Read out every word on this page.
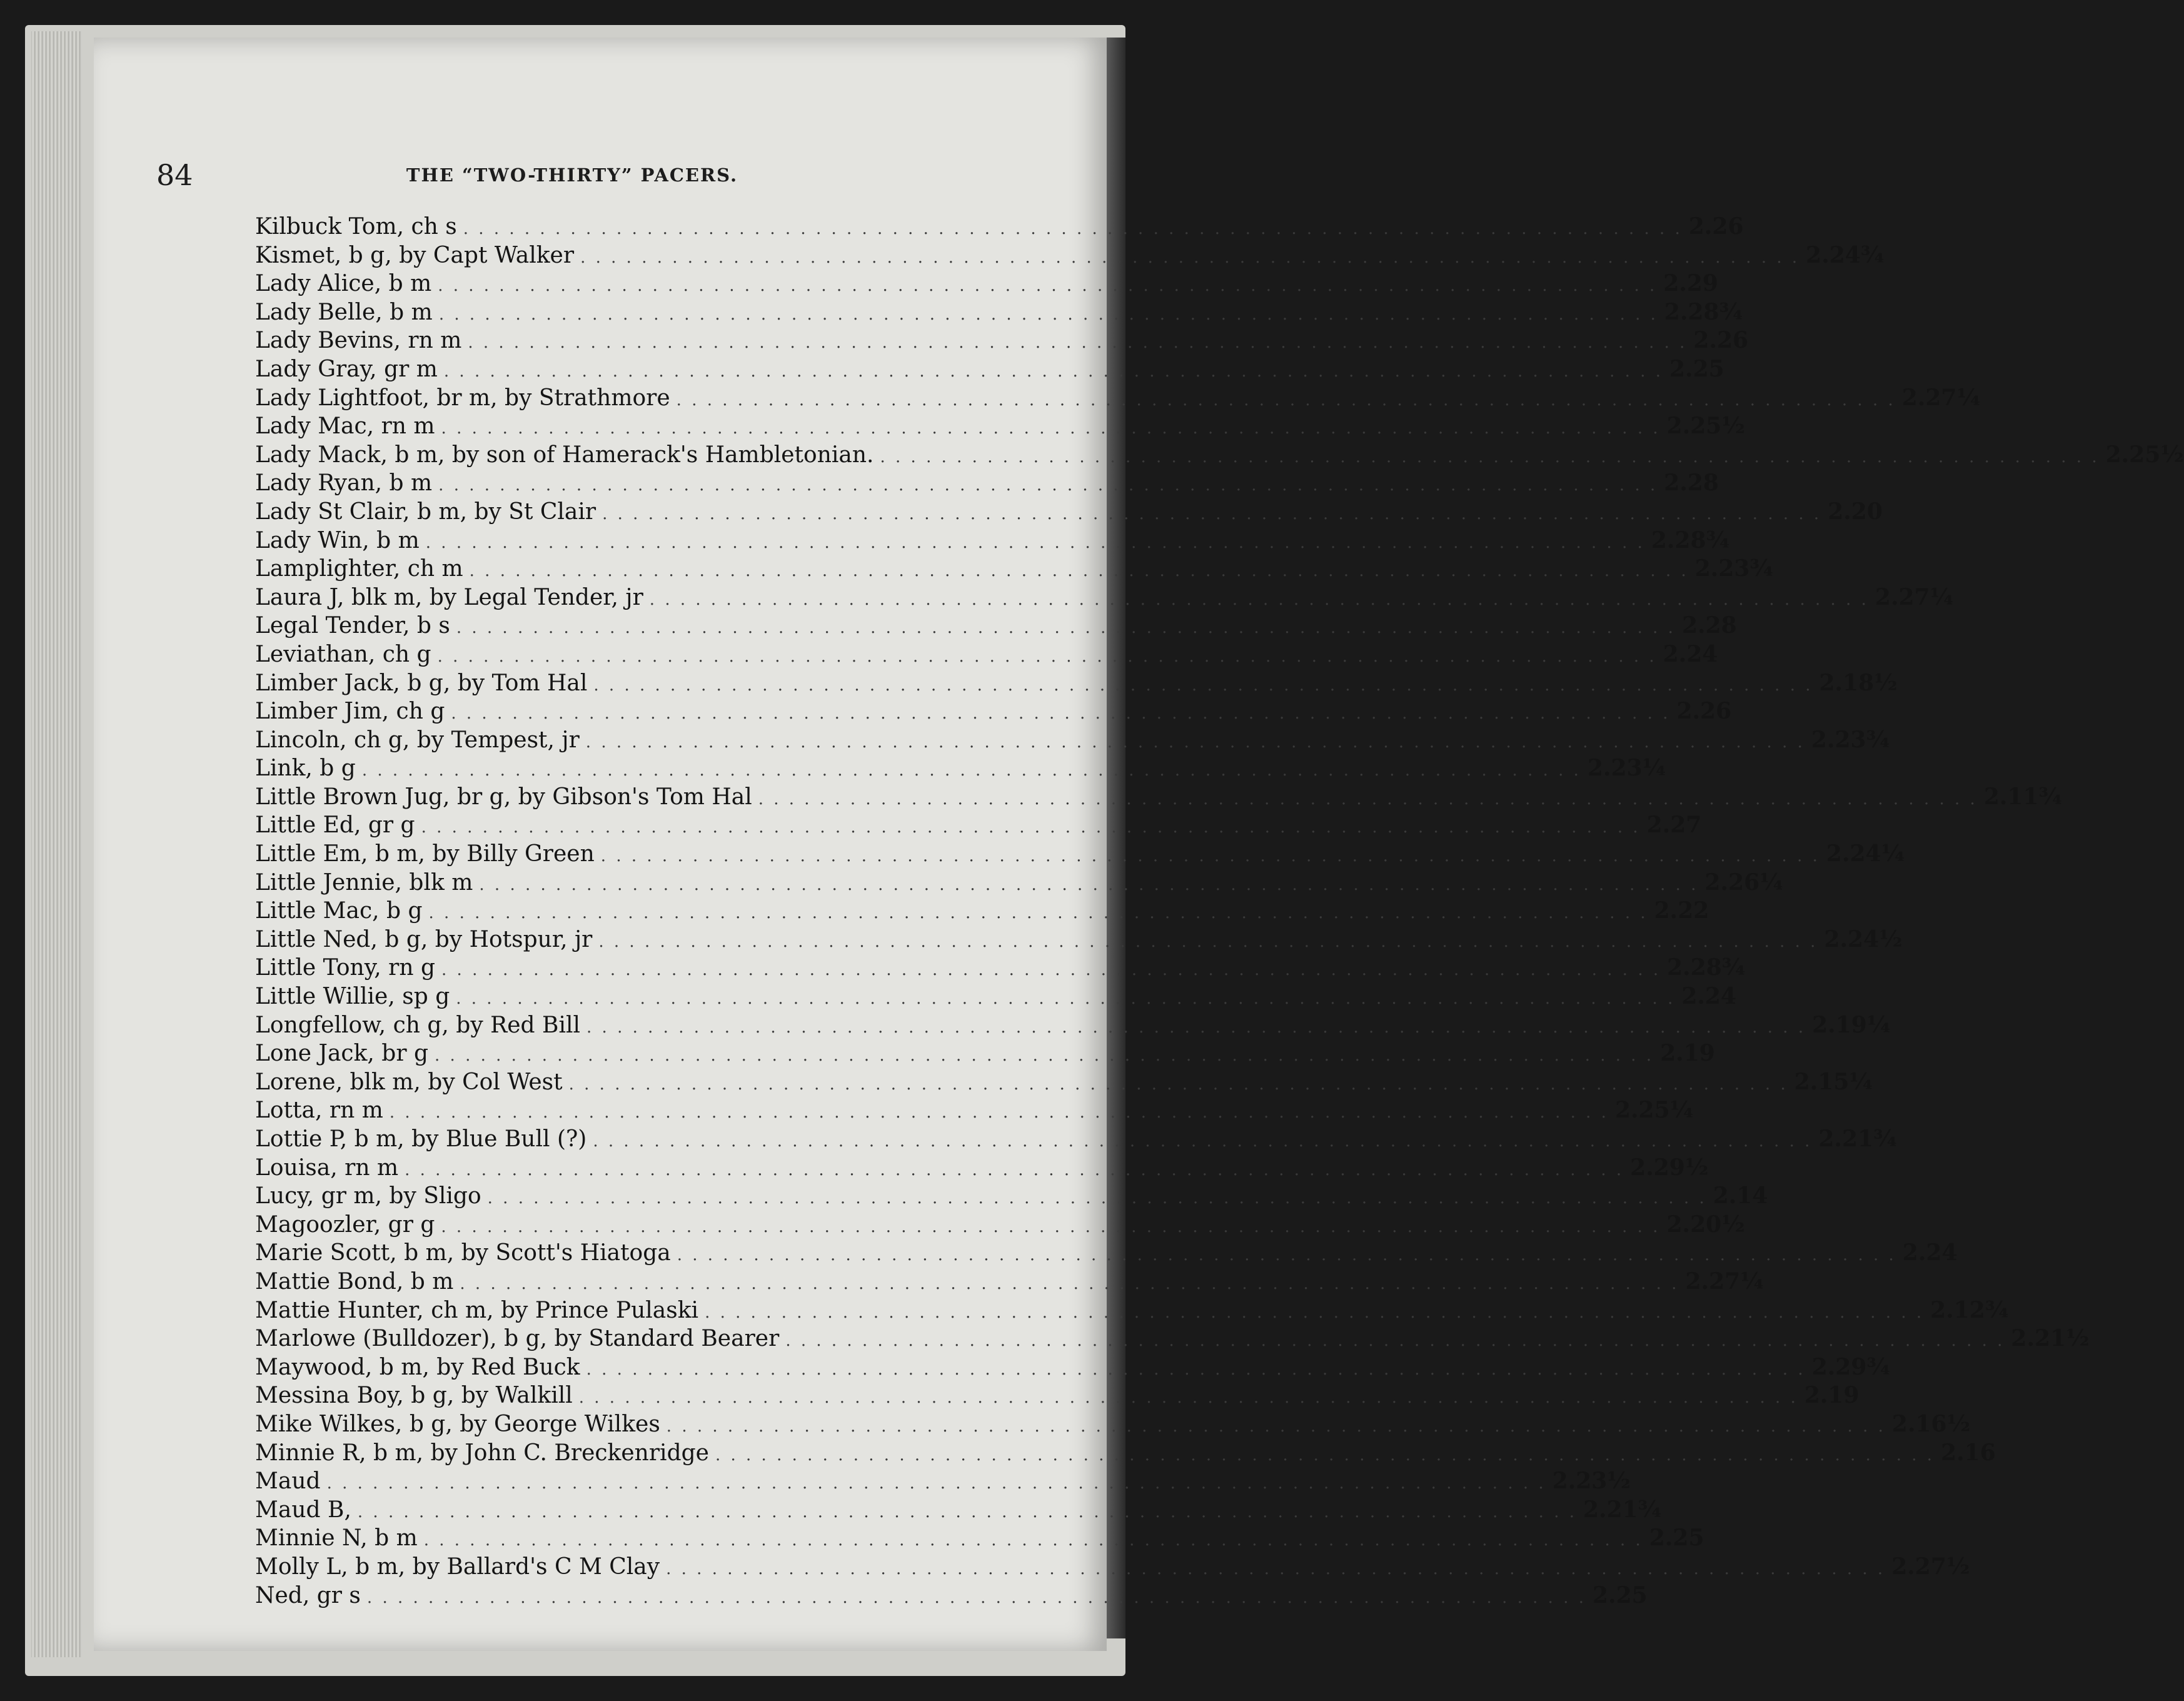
84	THE “TWO-THIRTY” PACERS.
Kilbuck Tom, ch s . . . . . . . . . . . . . . . . . . . . . . . . . . . . . . . . . . . . . . . . . . . . . . . . . . . . . . . . . . . . . . . . . . . . . . . . . . . . . . . . 2.26
Kismet, b g, by Capt Walker . . . . . . . . . . . . . . . . . . . . . . . . . . . . . . . . . . . . . . . . . . . . . . . . . . . . . . . . . . . . . . . . . . . . . . . . . . . . . . . . 2.24¾
Lady Alice, b m . . . . . . . . . . . . . . . . . . . . . . . . . . . . . . . . . . . . . . . . . . . . . . . . . . . . . . . . . . . . . . . . . . . . . . . . . . . . . . . . 2.29
Lady Belle, b m . . . . . . . . . . . . . . . . . . . . . . . . . . . . . . . . . . . . . . . . . . . . . . . . . . . . . . . . . . . . . . . . . . . . . . . . . . . . . . . . 2.28¾
Lady Bevins, rn m . . . . . . . . . . . . . . . . . . . . . . . . . . . . . . . . . . . . . . . . . . . . . . . . . . . . . . . . . . . . . . . . . . . . . . . . . . . . . . . . 2.26
Lady Gray, gr m . . . . . . . . . . . . . . . . . . . . . . . . . . . . . . . . . . . . . . . . . . . . . . . . . . . . . . . . . . . . . . . . . . . . . . . . . . . . . . . . 2.25
Lady Lightfoot, br m, by Strathmore . . . . . . . . . . . . . . . . . . . . . . . . . . . . . . . . . . . . . . . . . . . . . . . . . . . . . . . . . . . . . . . . . . . . . . . . . . . . . . . . 2.27¼
Lady Mac, rn m . . . . . . . . . . . . . . . . . . . . . . . . . . . . . . . . . . . . . . . . . . . . . . . . . . . . . . . . . . . . . . . . . . . . . . . . . . . . . . . . 2.25½
Lady Mack, b m, by son of Hamerack's Hambletonian. . . . . . . . . . . . . . . . . . . . . . . . . . . . . . . . . . . . . . . . . . . . . . . . . . . . . . . . . . . . . . . . . . . . . . . . . . . . . . . . . 2.25½
Lady Ryan, b m . . . . . . . . . . . . . . . . . . . . . . . . . . . . . . . . . . . . . . . . . . . . . . . . . . . . . . . . . . . . . . . . . . . . . . . . . . . . . . . . 2.28
Lady St Clair, b m, by St Clair . . . . . . . . . . . . . . . . . . . . . . . . . . . . . . . . . . . . . . . . . . . . . . . . . . . . . . . . . . . . . . . . . . . . . . . . . . . . . . . . 2.20
Lady Win, b m . . . . . . . . . . . . . . . . . . . . . . . . . . . . . . . . . . . . . . . . . . . . . . . . . . . . . . . . . . . . . . . . . . . . . . . . . . . . . . . . 2.28¾
Lamplighter, ch m . . . . . . . . . . . . . . . . . . . . . . . . . . . . . . . . . . . . . . . . . . . . . . . . . . . . . . . . . . . . . . . . . . . . . . . . . . . . . . . . 2.23¾
Laura J, blk m, by Legal Tender, jr . . . . . . . . . . . . . . . . . . . . . . . . . . . . . . . . . . . . . . . . . . . . . . . . . . . . . . . . . . . . . . . . . . . . . . . . . . . . . . . . 2.27¼
Legal Tender, b s . . . . . . . . . . . . . . . . . . . . . . . . . . . . . . . . . . . . . . . . . . . . . . . . . . . . . . . . . . . . . . . . . . . . . . . . . . . . . . . . 2.28
Leviathan, ch g . . . . . . . . . . . . . . . . . . . . . . . . . . . . . . . . . . . . . . . . . . . . . . . . . . . . . . . . . . . . . . . . . . . . . . . . . . . . . . . . 2.24
Limber Jack, b g, by Tom Hal . . . . . . . . . . . . . . . . . . . . . . . . . . . . . . . . . . . . . . . . . . . . . . . . . . . . . . . . . . . . . . . . . . . . . . . . . . . . . . . . 2.18½
Limber Jim, ch g . . . . . . . . . . . . . . . . . . . . . . . . . . . . . . . . . . . . . . . . . . . . . . . . . . . . . . . . . . . . . . . . . . . . . . . . . . . . . . . . 2.26
Lincoln, ch g, by Tempest, jr . . . . . . . . . . . . . . . . . . . . . . . . . . . . . . . . . . . . . . . . . . . . . . . . . . . . . . . . . . . . . . . . . . . . . . . . . . . . . . . . 2.23¾
Link, b g . . . . . . . . . . . . . . . . . . . . . . . . . . . . . . . . . . . . . . . . . . . . . . . . . . . . . . . . . . . . . . . . . . . . . . . . . . . . . . . . 2.23¼
Little Brown Jug, br g, by Gibson's Tom Hal . . . . . . . . . . . . . . . . . . . . . . . . . . . . . . . . . . . . . . . . . . . . . . . . . . . . . . . . . . . . . . . . . . . . . . . . . . . . . . . . 2.11¾
Little Ed, gr g . . . . . . . . . . . . . . . . . . . . . . . . . . . . . . . . . . . . . . . . . . . . . . . . . . . . . . . . . . . . . . . . . . . . . . . . . . . . . . . . 2.27
Little Em, b m, by Billy Green . . . . . . . . . . . . . . . . . . . . . . . . . . . . . . . . . . . . . . . . . . . . . . . . . . . . . . . . . . . . . . . . . . . . . . . . . . . . . . . . 2.24¼
Little Jennie, blk m . . . . . . . . . . . . . . . . . . . . . . . . . . . . . . . . . . . . . . . . . . . . . . . . . . . . . . . . . . . . . . . . . . . . . . . . . . . . . . . . 2.26¼
Little Mac, b g . . . . . . . . . . . . . . . . . . . . . . . . . . . . . . . . . . . . . . . . . . . . . . . . . . . . . . . . . . . . . . . . . . . . . . . . . . . . . . . . 2.22
Little Ned, b g, by Hotspur, jr . . . . . . . . . . . . . . . . . . . . . . . . . . . . . . . . . . . . . . . . . . . . . . . . . . . . . . . . . . . . . . . . . . . . . . . . . . . . . . . . 2.24½
Little Tony, rn g . . . . . . . . . . . . . . . . . . . . . . . . . . . . . . . . . . . . . . . . . . . . . . . . . . . . . . . . . . . . . . . . . . . . . . . . . . . . . . . . 2.28¾
Little Willie, sp g . . . . . . . . . . . . . . . . . . . . . . . . . . . . . . . . . . . . . . . . . . . . . . . . . . . . . . . . . . . . . . . . . . . . . . . . . . . . . . . . 2.24
Longfellow, ch g, by Red Bill . . . . . . . . . . . . . . . . . . . . . . . . . . . . . . . . . . . . . . . . . . . . . . . . . . . . . . . . . . . . . . . . . . . . . . . . . . . . . . . . 2.19¼
Lone Jack, br g . . . . . . . . . . . . . . . . . . . . . . . . . . . . . . . . . . . . . . . . . . . . . . . . . . . . . . . . . . . . . . . . . . . . . . . . . . . . . . . . 2.19
Lorene, blk m, by Col West . . . . . . . . . . . . . . . . . . . . . . . . . . . . . . . . . . . . . . . . . . . . . . . . . . . . . . . . . . . . . . . . . . . . . . . . . . . . . . . . 2.15¼
Lotta, rn m . . . . . . . . . . . . . . . . . . . . . . . . . . . . . . . . . . . . . . . . . . . . . . . . . . . . . . . . . . . . . . . . . . . . . . . . . . . . . . . . 2.25¼
Lottie P, b m, by Blue Bull (?) . . . . . . . . . . . . . . . . . . . . . . . . . . . . . . . . . . . . . . . . . . . . . . . . . . . . . . . . . . . . . . . . . . . . . . . . . . . . . . . . 2.21¾
Louisa, rn m . . . . . . . . . . . . . . . . . . . . . . . . . . . . . . . . . . . . . . . . . . . . . . . . . . . . . . . . . . . . . . . . . . . . . . . . . . . . . . . . 2.29½
Lucy, gr m, by Sligo . . . . . . . . . . . . . . . . . . . . . . . . . . . . . . . . . . . . . . . . . . . . . . . . . . . . . . . . . . . . . . . . . . . . . . . . . . . . . . . . 2.14
Magoozler, gr g . . . . . . . . . . . . . . . . . . . . . . . . . . . . . . . . . . . . . . . . . . . . . . . . . . . . . . . . . . . . . . . . . . . . . . . . . . . . . . . . 2.20½
Marie Scott, b m, by Scott's Hiatoga . . . . . . . . . . . . . . . . . . . . . . . . . . . . . . . . . . . . . . . . . . . . . . . . . . . . . . . . . . . . . . . . . . . . . . . . . . . . . . . . 2.24
Mattie Bond, b m . . . . . . . . . . . . . . . . . . . . . . . . . . . . . . . . . . . . . . . . . . . . . . . . . . . . . . . . . . . . . . . . . . . . . . . . . . . . . . . . 2.27¼
Mattie Hunter, ch m, by Prince Pulaski . . . . . . . . . . . . . . . . . . . . . . . . . . . . . . . . . . . . . . . . . . . . . . . . . . . . . . . . . . . . . . . . . . . . . . . . . . . . . . . . 2.12¾
Marlowe (Bulldozer), b g, by Standard Bearer . . . . . . . . . . . . . . . . . . . . . . . . . . . . . . . . . . . . . . . . . . . . . . . . . . . . . . . . . . . . . . . . . . . . . . . . . . . . . . . . 2.21½
Maywood, b m, by Red Buck . . . . . . . . . . . . . . . . . . . . . . . . . . . . . . . . . . . . . . . . . . . . . . . . . . . . . . . . . . . . . . . . . . . . . . . . . . . . . . . . 2.29¾
Messina Boy, b g, by Walkill . . . . . . . . . . . . . . . . . . . . . . . . . . . . . . . . . . . . . . . . . . . . . . . . . . . . . . . . . . . . . . . . . . . . . . . . . . . . . . . . 2.19
Mike Wilkes, b g, by George Wilkes . . . . . . . . . . . . . . . . . . . . . . . . . . . . . . . . . . . . . . . . . . . . . . . . . . . . . . . . . . . . . . . . . . . . . . . . . . . . . . . . 2.16½
Minnie R, b m, by John C. Breckenridge . . . . . . . . . . . . . . . . . . . . . . . . . . . . . . . . . . . . . . . . . . . . . . . . . . . . . . . . . . . . . . . . . . . . . . . . . . . . . . . . 2.16
Maud . . . . . . . . . . . . . . . . . . . . . . . . . . . . . . . . . . . . . . . . . . . . . . . . . . . . . . . . . . . . . . . . . . . . . . . . . . . . . . . . 2.23½
Maud B, . . . . . . . . . . . . . . . . . . . . . . . . . . . . . . . . . . . . . . . . . . . . . . . . . . . . . . . . . . . . . . . . . . . . . . . . . . . . . . . . 2.21¾
Minnie N, b m . . . . . . . . . . . . . . . . . . . . . . . . . . . . . . . . . . . . . . . . . . . . . . . . . . . . . . . . . . . . . . . . . . . . . . . . . . . . . . . . 2.25
Molly L, b m, by Ballard's C M Clay . . . . . . . . . . . . . . . . . . . . . . . . . . . . . . . . . . . . . . . . . . . . . . . . . . . . . . . . . . . . . . . . . . . . . . . . . . . . . . . . 2.27½
Ned, gr s . . . . . . . . . . . . . . . . . . . . . . . . . . . . . . . . . . . . . . . . . . . . . . . . . . . . . . . . . . . . . . . . . . . . . . . . . . . . . . . . 2.25
